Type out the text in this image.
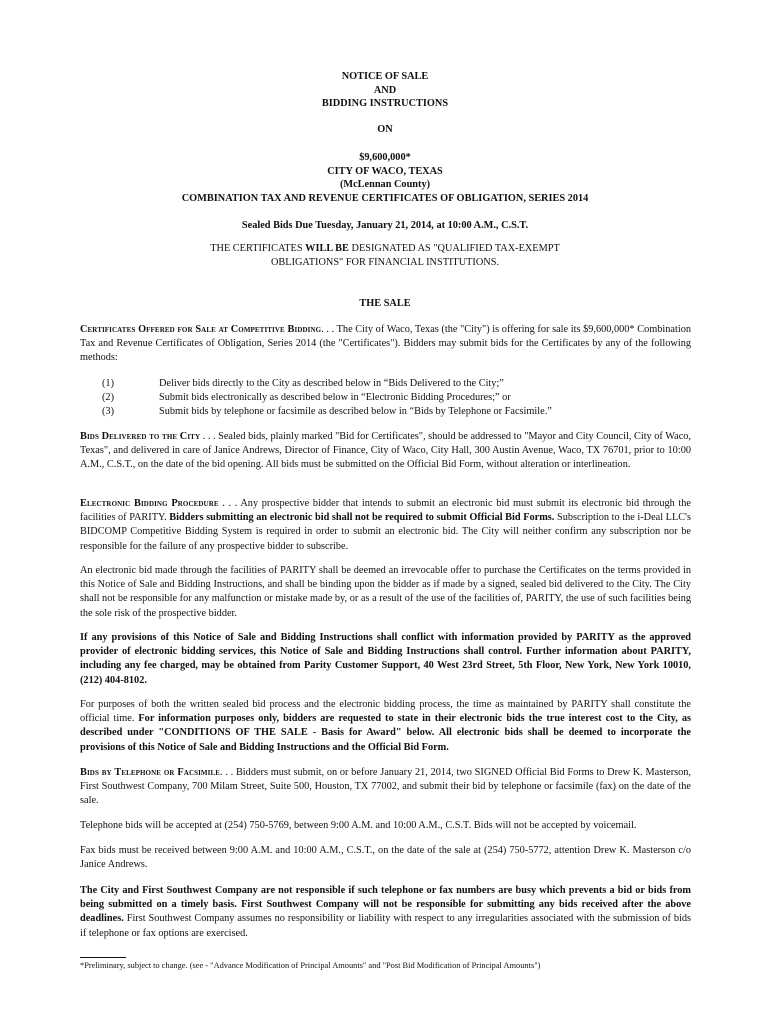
NOTICE OF SALE
AND
BIDDING INSTRUCTIONS
ON
$9,600,000*
CITY OF WACO, TEXAS
(McLennan County)
COMBINATION TAX AND REVENUE CERTIFICATES OF OBLIGATION, SERIES 2014
Sealed Bids Due Tuesday, January 21, 2014, at 10:00 A.M., C.S.T.
THE CERTIFICATES WILL BE DESIGNATED AS "QUALIFIED TAX-EXEMPT
OBLIGATIONS" FOR FINANCIAL INSTITUTIONS.
THE SALE
Certificates Offered for Sale at Competitive Bidding. . . The City of Waco, Texas (the "City") is offering for sale its $9,600,000* Combination Tax and Revenue Certificates of Obligation, Series 2014 (the "Certificates"). Bidders may submit bids for the Certificates by any of the following methods:
(1)	Deliver bids directly to the City as described below in “Bids Delivered to the City;”
(2)	Submit bids electronically as described below in “Electronic Bidding Procedures;” or
(3)	Submit bids by telephone or facsimile as described below in “Bids by Telephone or Facsimile.”
Bids Delivered to the City . . . Sealed bids, plainly marked "Bid for Certificates", should be addressed to "Mayor and City Council, City of Waco, Texas", and delivered in care of Janice Andrews, Director of Finance, City of Waco, City Hall, 300 Austin Avenue, Waco, TX 76701, prior to 10:00 A.M., C.S.T., on the date of the bid opening. All bids must be submitted on the Official Bid Form, without alteration or interlineation.
Electronic Bidding Procedure . . . Any prospective bidder that intends to submit an electronic bid must submit its electronic bid through the facilities of PARITY. Bidders submitting an electronic bid shall not be required to submit Official Bid Forms. Subscription to the i-Deal LLC's BIDCOMP Competitive Bidding System is required in order to submit an electronic bid. The City will neither confirm any subscription nor be responsible for the failure of any prospective bidder to subscribe.
An electronic bid made through the facilities of PARITY shall be deemed an irrevocable offer to purchase the Certificates on the terms provided in this Notice of Sale and Bidding Instructions, and shall be binding upon the bidder as if made by a signed, sealed bid delivered to the City. The City shall not be responsible for any malfunction or mistake made by, or as a result of the use of the facilities of, PARITY, the use of such facilities being the sole risk of the prospective bidder.
If any provisions of this Notice of Sale and Bidding Instructions shall conflict with information provided by PARITY as the approved provider of electronic bidding services, this Notice of Sale and Bidding Instructions shall control. Further information about PARITY, including any fee charged, may be obtained from Parity Customer Support, 40 West 23rd Street, 5th Floor, New York, New York 10010, (212) 404-8102.
For purposes of both the written sealed bid process and the electronic bidding process, the time as maintained by PARITY shall constitute the official time. For information purposes only, bidders are requested to state in their electronic bids the true interest cost to the City, as described under "CONDITIONS OF THE SALE - Basis for Award" below. All electronic bids shall be deemed to incorporate the provisions of this Notice of Sale and Bidding Instructions and the Official Bid Form.
Bids by Telephone or Facsimile. . . Bidders must submit, on or before January 21, 2014, two SIGNED Official Bid Forms to Drew K. Masterson, First Southwest Company, 700 Milam Street, Suite 500, Houston, TX 77002, and submit their bid by telephone or facsimile (fax) on the date of the sale.
Telephone bids will be accepted at (254) 750-5769, between 9:00 A.M. and 10:00 A.M., C.S.T. Bids will not be accepted by voicemail.
Fax bids must be received between 9:00 A.M. and 10:00 A.M., C.S.T., on the date of the sale at (254) 750-5772, attention Drew K. Masterson c/o Janice Andrews.
The City and First Southwest Company are not responsible if such telephone or fax numbers are busy which prevents a bid or bids from being submitted on a timely basis. First Southwest Company will not be responsible for submitting any bids received after the above deadlines. First Southwest Company assumes no responsibility or liability with respect to any irregularities associated with the submission of bids if telephone or fax options are exercised.
*Preliminary, subject to change. (see - "Advance Modification of Principal Amounts" and "Post Bid Modification of Principal Amounts")
